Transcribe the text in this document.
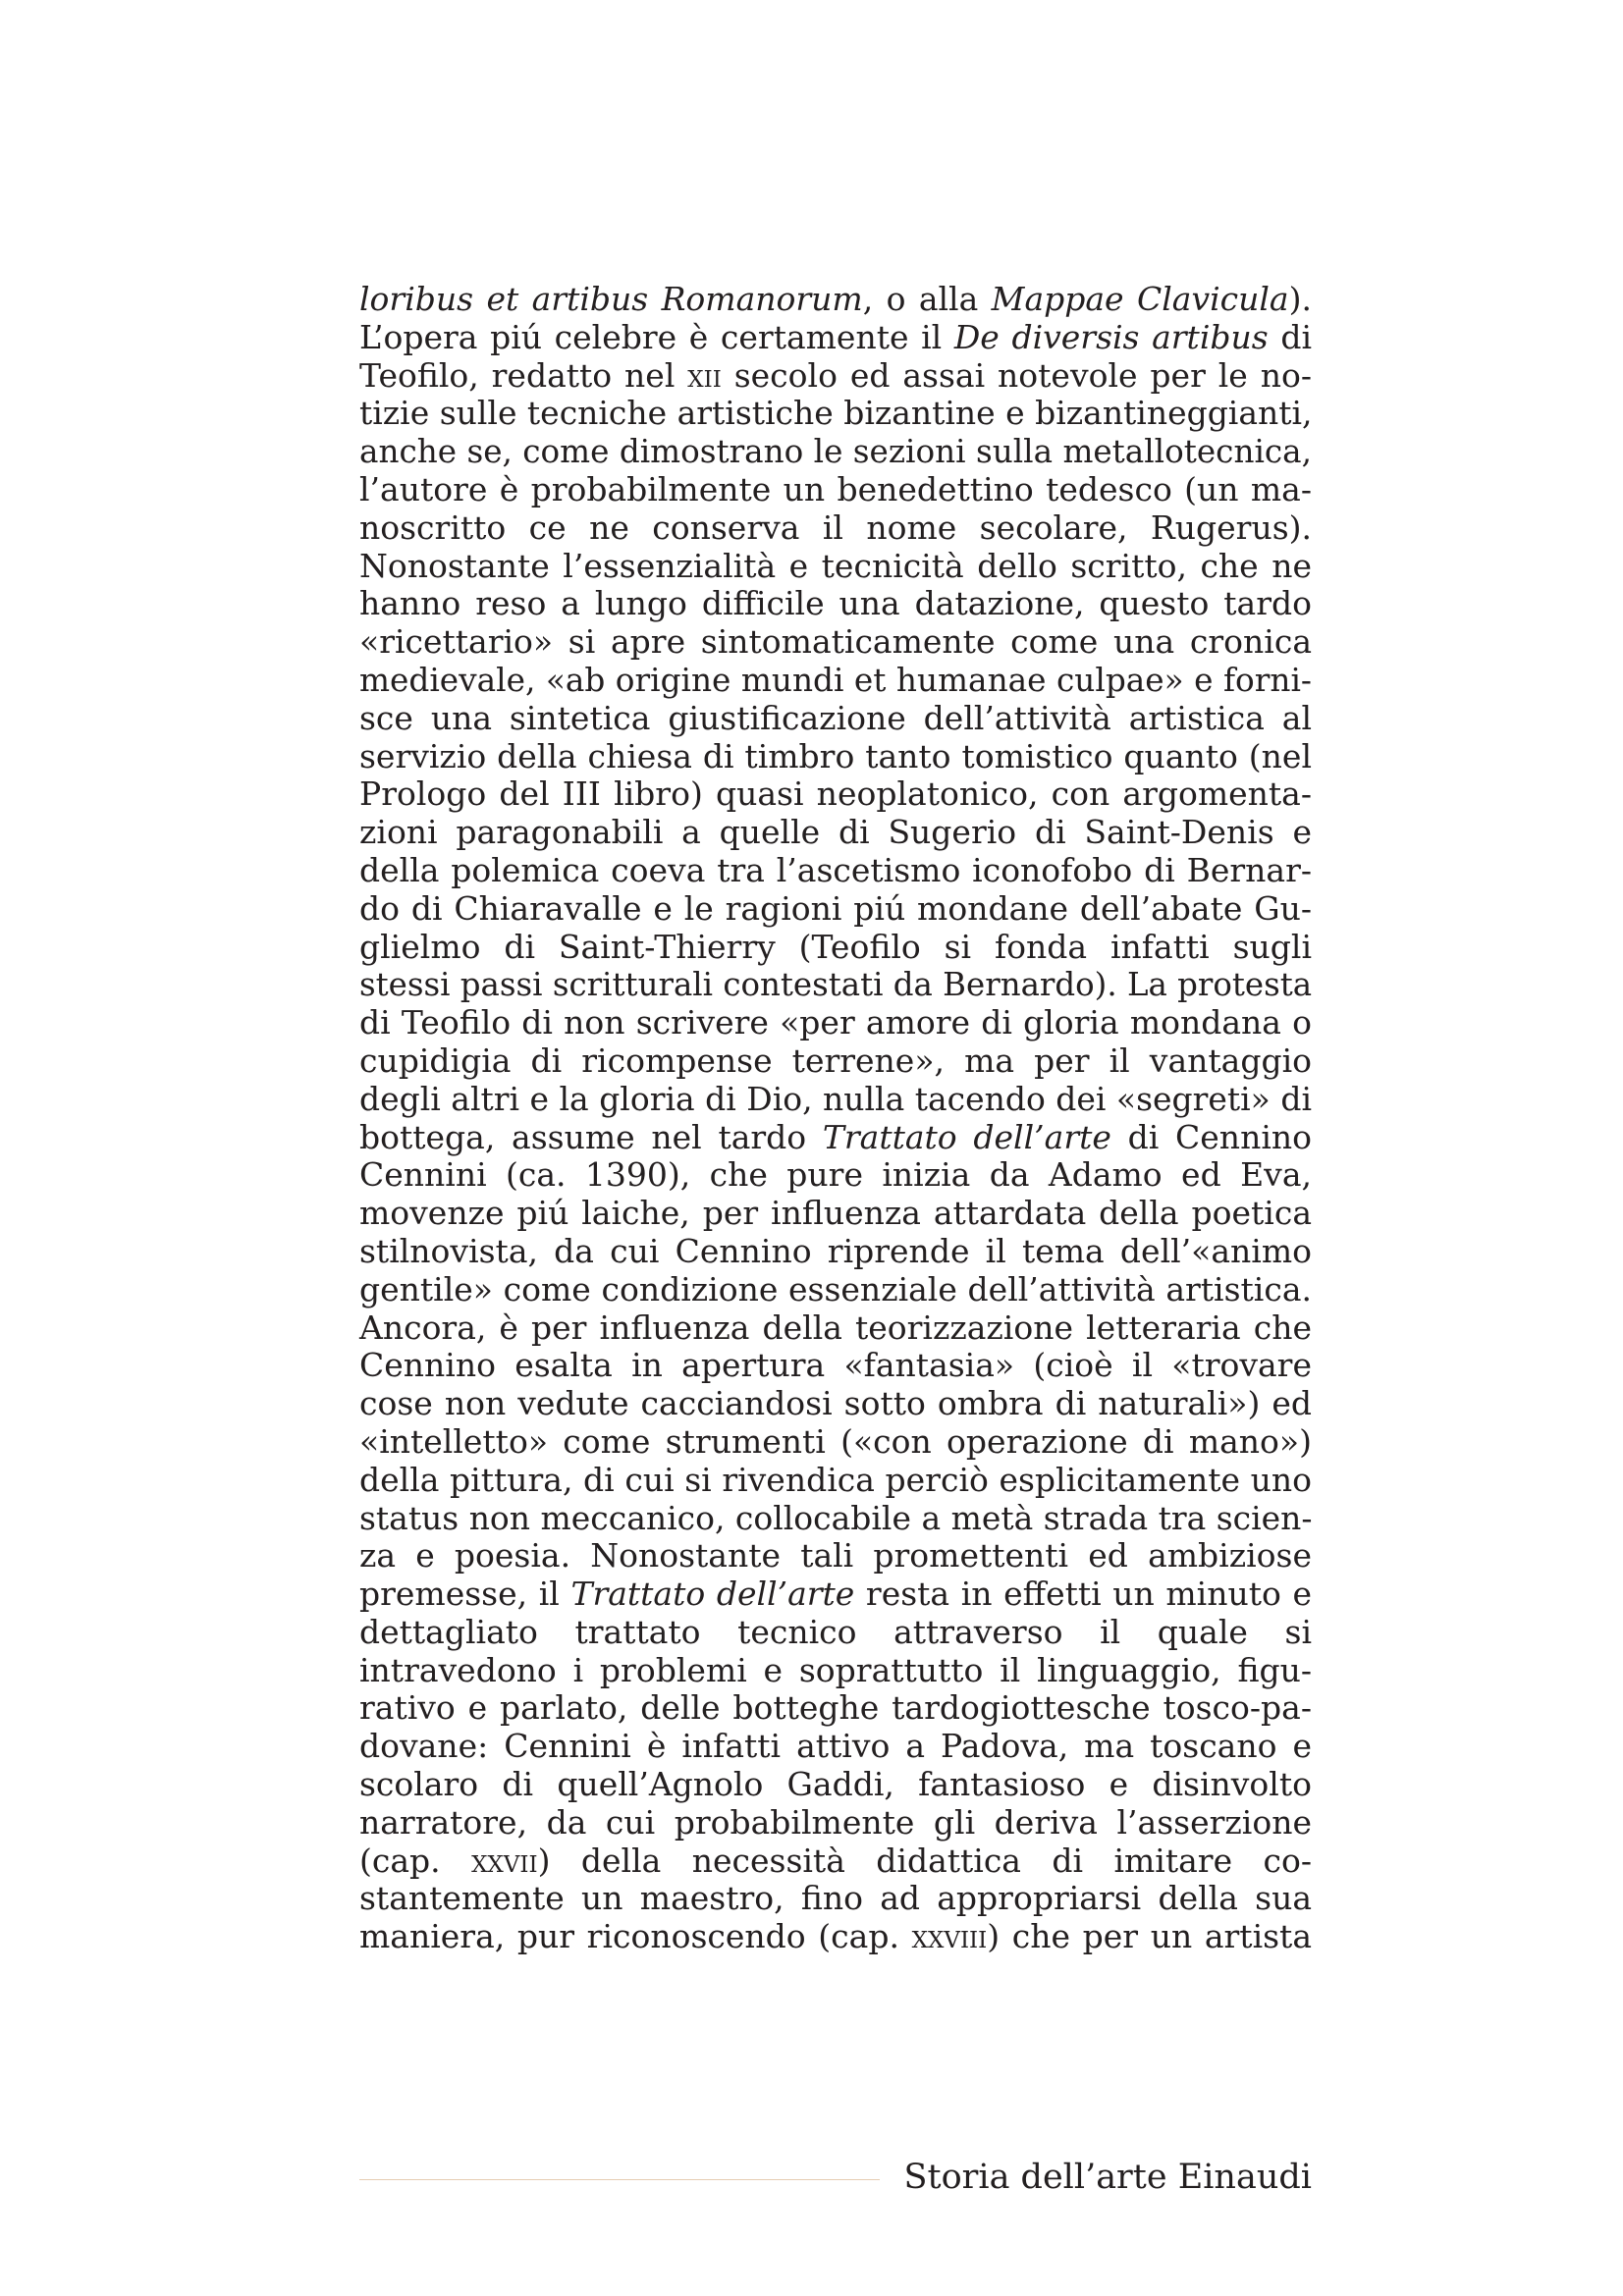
loribus et artibus Romanorum, o alla Mappae Clavicula).
L’opera piú celebre è certamente il De diversis artibus di
Teofilo, redatto nel xii secolo ed assai notevole per le no-
tizie sulle tecniche artistiche bizantine e bizantineggianti,
anche se, come dimostrano le sezioni sulla metallotecnica,
l’autore è probabilmente un benedettino tedesco (un ma-
noscritto ce ne conserva il nome secolare, Rugerus).
Nonostante l’essenzialità e tecnicità dello scritto, che ne
hanno reso a lungo difficile una datazione, questo tardo
«ricettario» si apre sintomaticamente come una cronica
medievale, «ab origine mundi et humanae culpae» e forni-
sce una sintetica giustificazione dell’attività artistica al
servizio della chiesa di timbro tanto tomistico quanto (nel
Prologo del III libro) quasi neoplatonico, con argomenta-
zioni paragonabili a quelle di Sugerio di Saint-Denis e
della polemica coeva tra l’ascetismo iconofobo di Bernar-
do di Chiaravalle e le ragioni piú mondane dell’abate Gu-
glielmo di Saint-Thierry (Teofilo si fonda infatti sugli
stessi passi scritturali contestati da Bernardo). La protesta
di Teofilo di non scrivere «per amore di gloria mondana o
cupidigia di ricompense terrene», ma per il vantaggio
degli altri e la gloria di Dio, nulla tacendo dei «segreti» di
bottega, assume nel tardo Trattato dell’arte di Cennino
Cennini (ca. 1390), che pure inizia da Adamo ed Eva,
movenze piú laiche, per influenza attardata della poetica
stilnovista, da cui Cennino riprende il tema dell’«animo
gentile» come condizione essenziale dell’attività artistica.
Ancora, è per influenza della teorizzazione letteraria che
Cennino esalta in apertura «fantasia» (cioè il «trovare
cose non vedute cacciandosi sotto ombra di naturali») ed
«intelletto» come strumenti («con operazione di mano»)
della pittura, di cui si rivendica perciò esplicitamente uno
status non meccanico, collocabile a metà strada tra scien-
za e poesia. Nonostante tali promettenti ed ambiziose
premesse, il Trattato dell’arte resta in effetti un minuto e
dettagliato trattato tecnico attraverso il quale si
intravedono i problemi e soprattutto il linguaggio, figu-
rativo e parlato, delle botteghe tardogiottesche tosco-pa-
dovane: Cennini è infatti attivo a Padova, ma toscano e
scolaro di quell’Agnolo Gaddi, fantasioso e disinvolto
narratore, da cui probabilmente gli deriva l’asserzione
(cap. xxvii) della necessità didattica di imitare co-
stantemente un maestro, fino ad appropriarsi della sua
maniera, pur riconoscendo (cap. xxviii) che per un artista
Storia dell’arte Einaudi
